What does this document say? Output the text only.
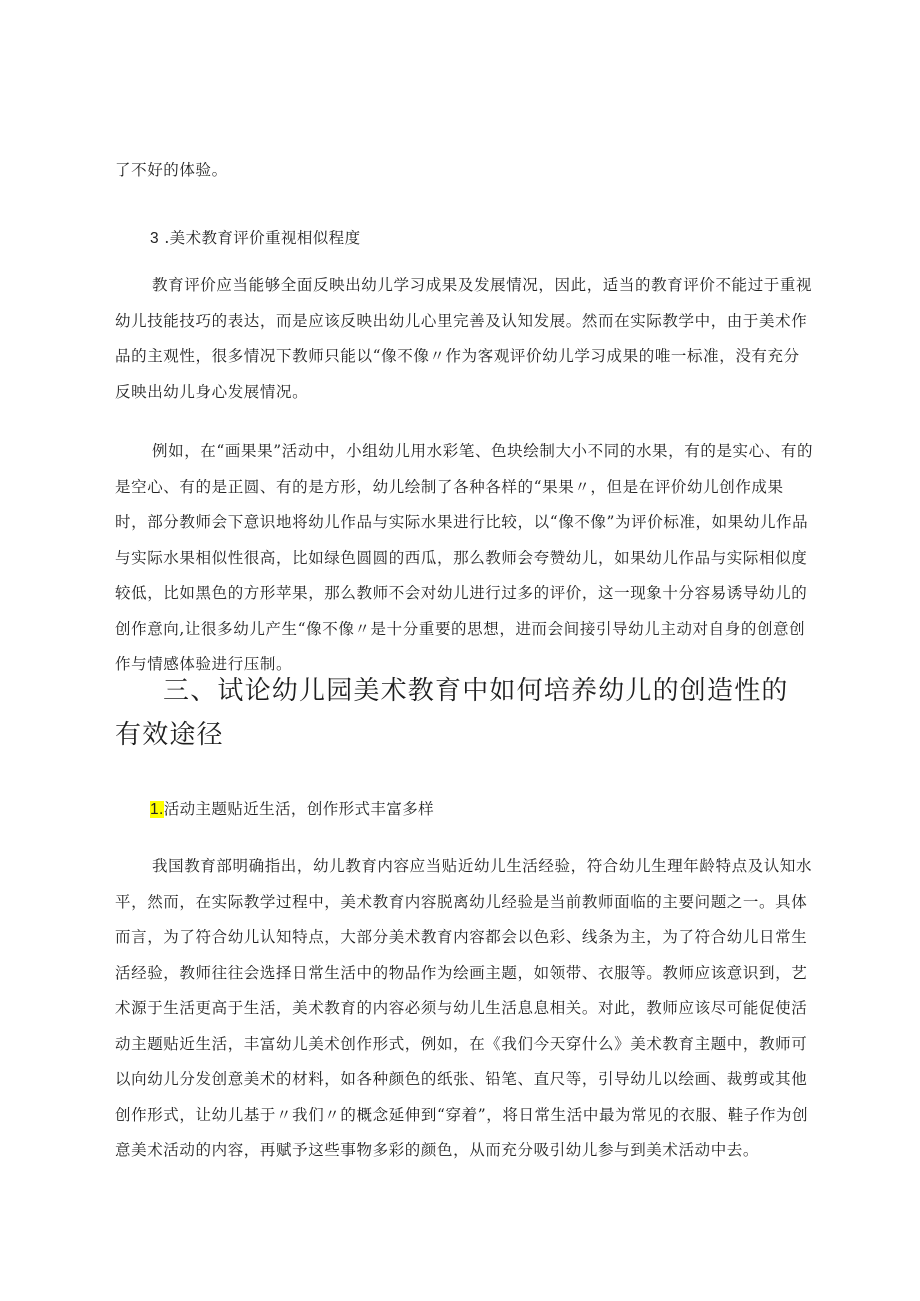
了不好的体验。
3 .美术教育评价重视相似程度
教育评价应当能够全面反映出幼儿学习成果及发展情况，因此，适当的教育评价不能过于重视幼儿技能技巧的表达，而是应该反映出幼儿心里完善及认知发展。然而在实际教学中，由于美术作品的主观性，很多情况下教师只能以“像不像〃作为客观评价幼儿学习成果的唯一标准，没有充分反映出幼儿身心发展情况。
例如，在“画果果”活动中，小组幼儿用水彩笔、色块绘制大小不同的水果，有的是实心、有的是空心、有的是正圆、有的是方形，幼儿绘制了各种各样的“果果〃，但是在评价幼儿创作成果时，部分教师会下意识地将幼儿作品与实际水果进行比较，以“像不像”为评价标准，如果幼儿作品与实际水果相似性很高，比如绿色圆圆的西瓜，那么教师会夸赞幼儿，如果幼儿作品与实际相似度较低，比如黑色的方形苹果，那么教师不会对幼儿进行过多的评价，这一现象十分容易诱导幼儿的创作意向,让很多幼儿产生“像不像〃是十分重要的思想，进而会间接引导幼儿主动对自身的创意创作与情感体验进行压制。
三、试论幼儿园美术教育中如何培养幼儿的创造性的有效途径
1.活动主题贴近生活，创作形式丰富多样
我国教育部明确指出，幼儿教育内容应当贴近幼儿生活经验，符合幼儿生理年龄特点及认知水平，然而，在实际教学过程中，美术教育内容脱离幼儿经验是当前教师面临的主要问题之一。具体而言，为了符合幼儿认知特点，大部分美术教育内容都会以色彩、线条为主，为了符合幼儿日常生活经验，教师往往会选择日常生活中的物品作为绘画主题，如领带、衣服等。教师应该意识到，艺术源于生活更高于生活，美术教育的内容必须与幼儿生活息息相关。对此，教师应该尽可能促使活动主题贴近生活，丰富幼儿美术创作形式，例如，在《我们今天穿什么》美术教育主题中，教师可以向幼儿分发创意美术的材料，如各种颜色的纸张、铅笔、直尺等，引导幼儿以绘画、裁剪或其他创作形式，让幼儿基于〃我们〃的概念延伸到“穿着”，将日常生活中最为常见的衣服、鞋子作为创意美术活动的内容，再赋予这些事物多彩的颜色，从而充分吸引幼儿参与到美术活动中去。
